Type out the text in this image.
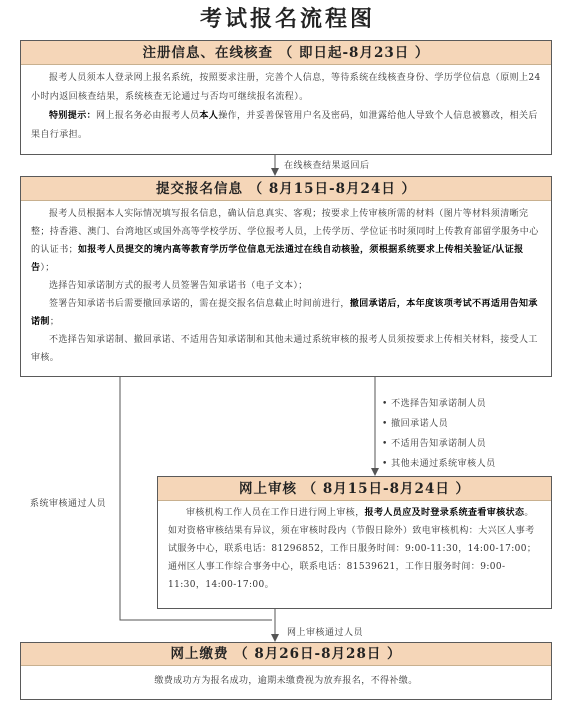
考试报名流程图
注册信息、在线核查 （ 即日起-8月23日 ）

报考人员须本人登录网上报名系统，按照要求注册，完善个人信息，等待系统在线核查身份、学历学位信息（原则上24小时内返回核查结果，系统核查无论通过与否均可继续报名流程）。

特别提示：网上报名务必由报考人员本人操作，并妥善保管用户名及密码，如泄露给他人导致个人信息被篡改，相关后果自行承担。

在线核查结果返回后
提交报名信息 （ 8月15日-8月24日 ）

报考人员根据本人实际情况填写报名信息，确认信息真实、客观；按要求上传审核所需的材料（图片等材料须清晰完整；持香港、澳门、台湾地区或国外高等学校学历、学位报考人员，上传学历、学位证书时须同时上传教育部留学服务中心的认证书；如报考人员提交的境内高等教育学历学位信息无法通过在线自动核验，须根据系统要求上传相关验证/认证报告）；

选择告知承诺制方式的报考人员签署告知承诺书（电子文本）；

签署告知承诺书后需要撤回承诺的，需在提交报名信息截止时间前进行，撤回承诺后，本年度该项考试不再适用告知承诺制；

不选择告知承诺制、撤回承诺、不适用告知承诺制和其他未通过系统审核的报考人员须按要求上传相关材料，接受人工审核。

• 不选择告知承诺制人员
• 撤回承诺人员
• 不适用告知承诺制人员
• 其他未通过系统审核人员
系统审核通过人员
网上审核 （ 8月15日-8月24日 ）

审核机构工作人员在工作日进行网上审核，报考人员应及时登录系统查看审核状态。如对资格审核结果有异议，须在审核时段内（节假日除外）致电审核机构：大兴区人事考试服务中心，联系电话：81296852，工作日服务时间：9:00-11:30，14:00-17:00；通州区人事工作综合事务中心，联系电话：81539621，工作日服务时间：9:00-11:30，14:00-17:00。

网上审核通过人员
网上缴费 （ 8月26日-8月28日 ）
缴费成功方为报名成功，逾期未缴费视为放弃报名，不得补缴。
